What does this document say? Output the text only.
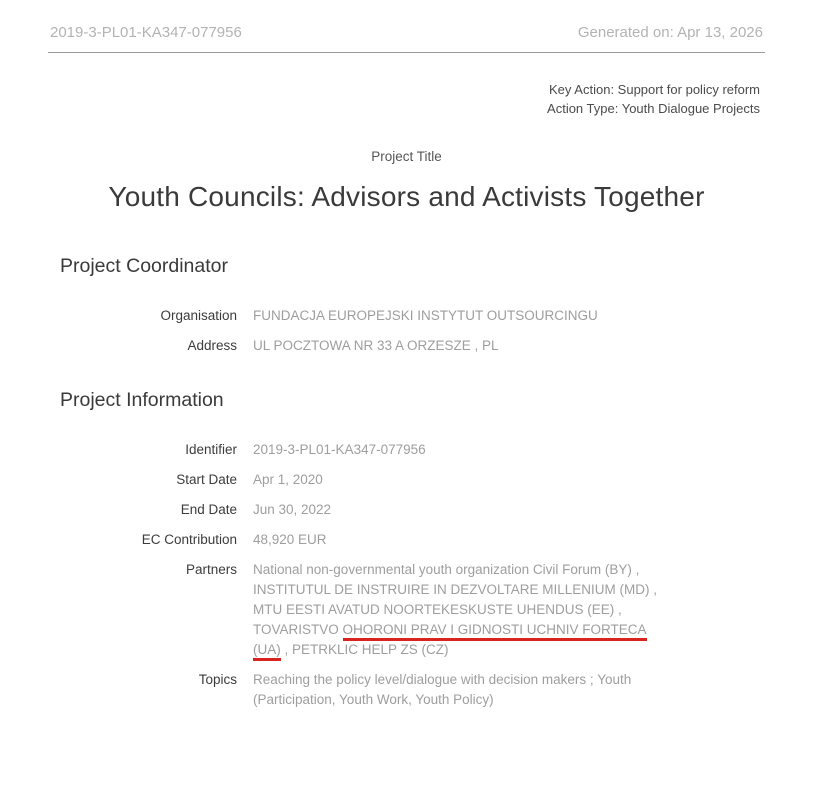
2019-3-PL01-KA347-077956	Generated on: Apr 13, 2026
Key Action: Support for policy reform
Action Type: Youth Dialogue Projects
Project Title
Youth Councils: Advisors and Activists Together
Project Coordinator
Organisation FUNDACJA EUROPEJSKI INSTYTUT OUTSOURCINGU
Address UL POCZTOWA NR 33 A ORZESZE , PL
Project Information
Identifier 2019-3-PL01-KA347-077956
Start Date Apr 1, 2020
End Date Jun 30, 2022
EC Contribution 48,920 EUR
Partners National non-governmental youth organization Civil Forum (BY) , INSTITUTUL DE INSTRUIRE IN DEZVOLTARE MILLENIUM (MD) , MTU EESTI AVATUD NOORTEKESKUSTE UHENDUS (EE) , TOVARISTVO OHORONI PRAV I GIDNOSTI UCHNIV FORTECA (UA) , PETRKLIC HELP ZS (CZ)
Topics Reaching the policy level/dialogue with decision makers ; Youth (Participation, Youth Work, Youth Policy)
